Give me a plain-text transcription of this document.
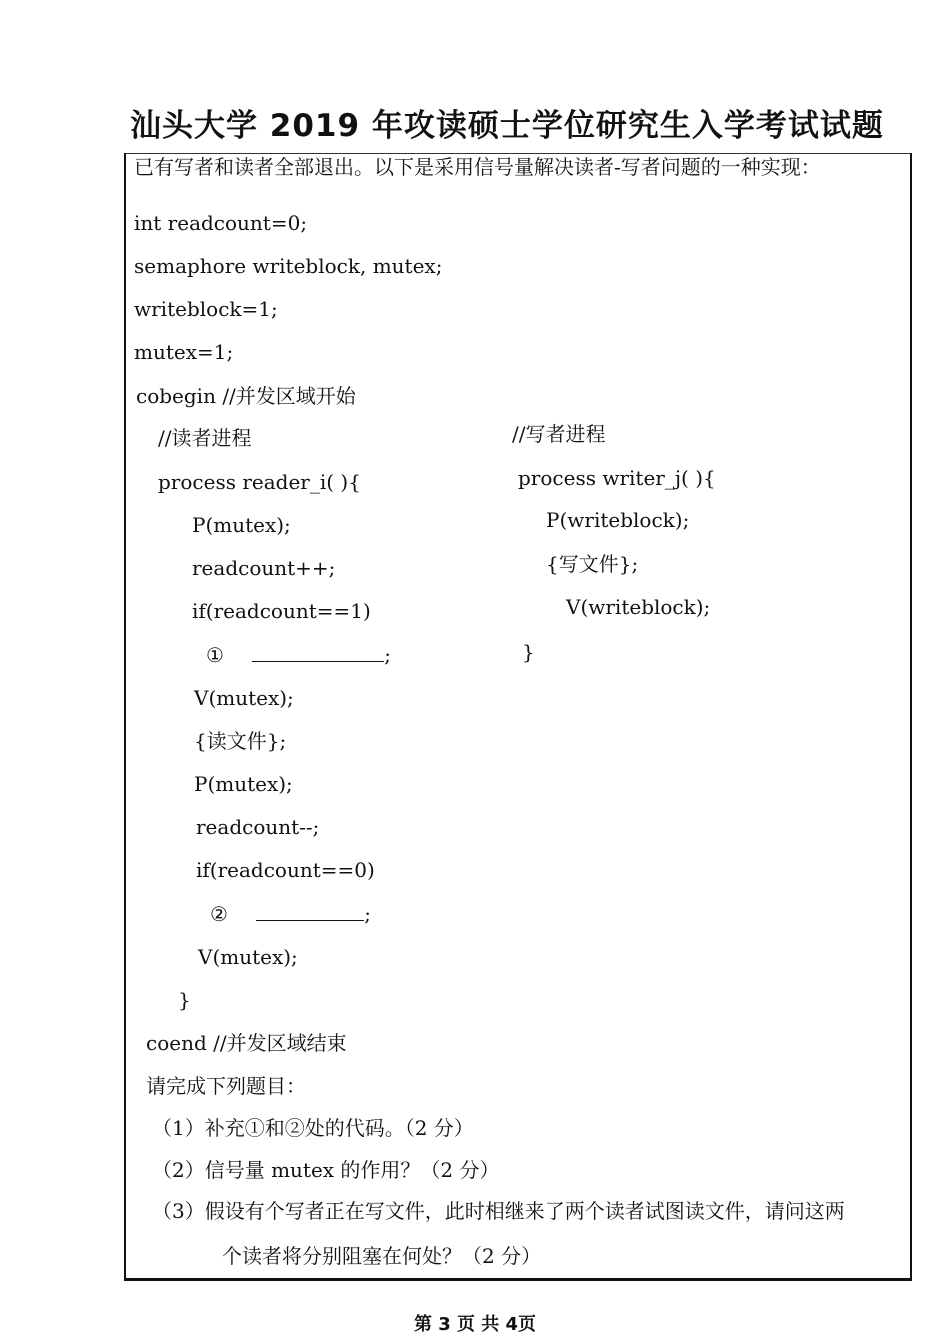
汕头大学 2019 年攻读硕士学位研究生入学考试试题
已有写者和读者全部退出。以下是采用信号量解决读者-写者问题的一种实现：
int readcount=0;
semaphore writeblock, mutex;
writeblock=1;
mutex=1;
cobegin //并发区域开始
//读者进程
process reader_i( ){
P(mutex);
readcount++;
if(readcount==1)
①	;
V(mutex);
{读文件};
P(mutex);
readcount--;
if(readcount==0)
②	;
V(mutex);
}
//写者进程
process writer_j( ){
P(writeblock);
{写文件};
V(writeblock);
}
coend //并发区域结束
请完成下列题目：
（1）补充①和②处的代码。（2 分）
（2）信号量 mutex 的作用？（2 分）
（3）假设有个写者正在写文件，此时相继来了两个读者试图读文件，请问这两
个读者将分别阻塞在何处？（2 分）
第 3 页 共 4页
